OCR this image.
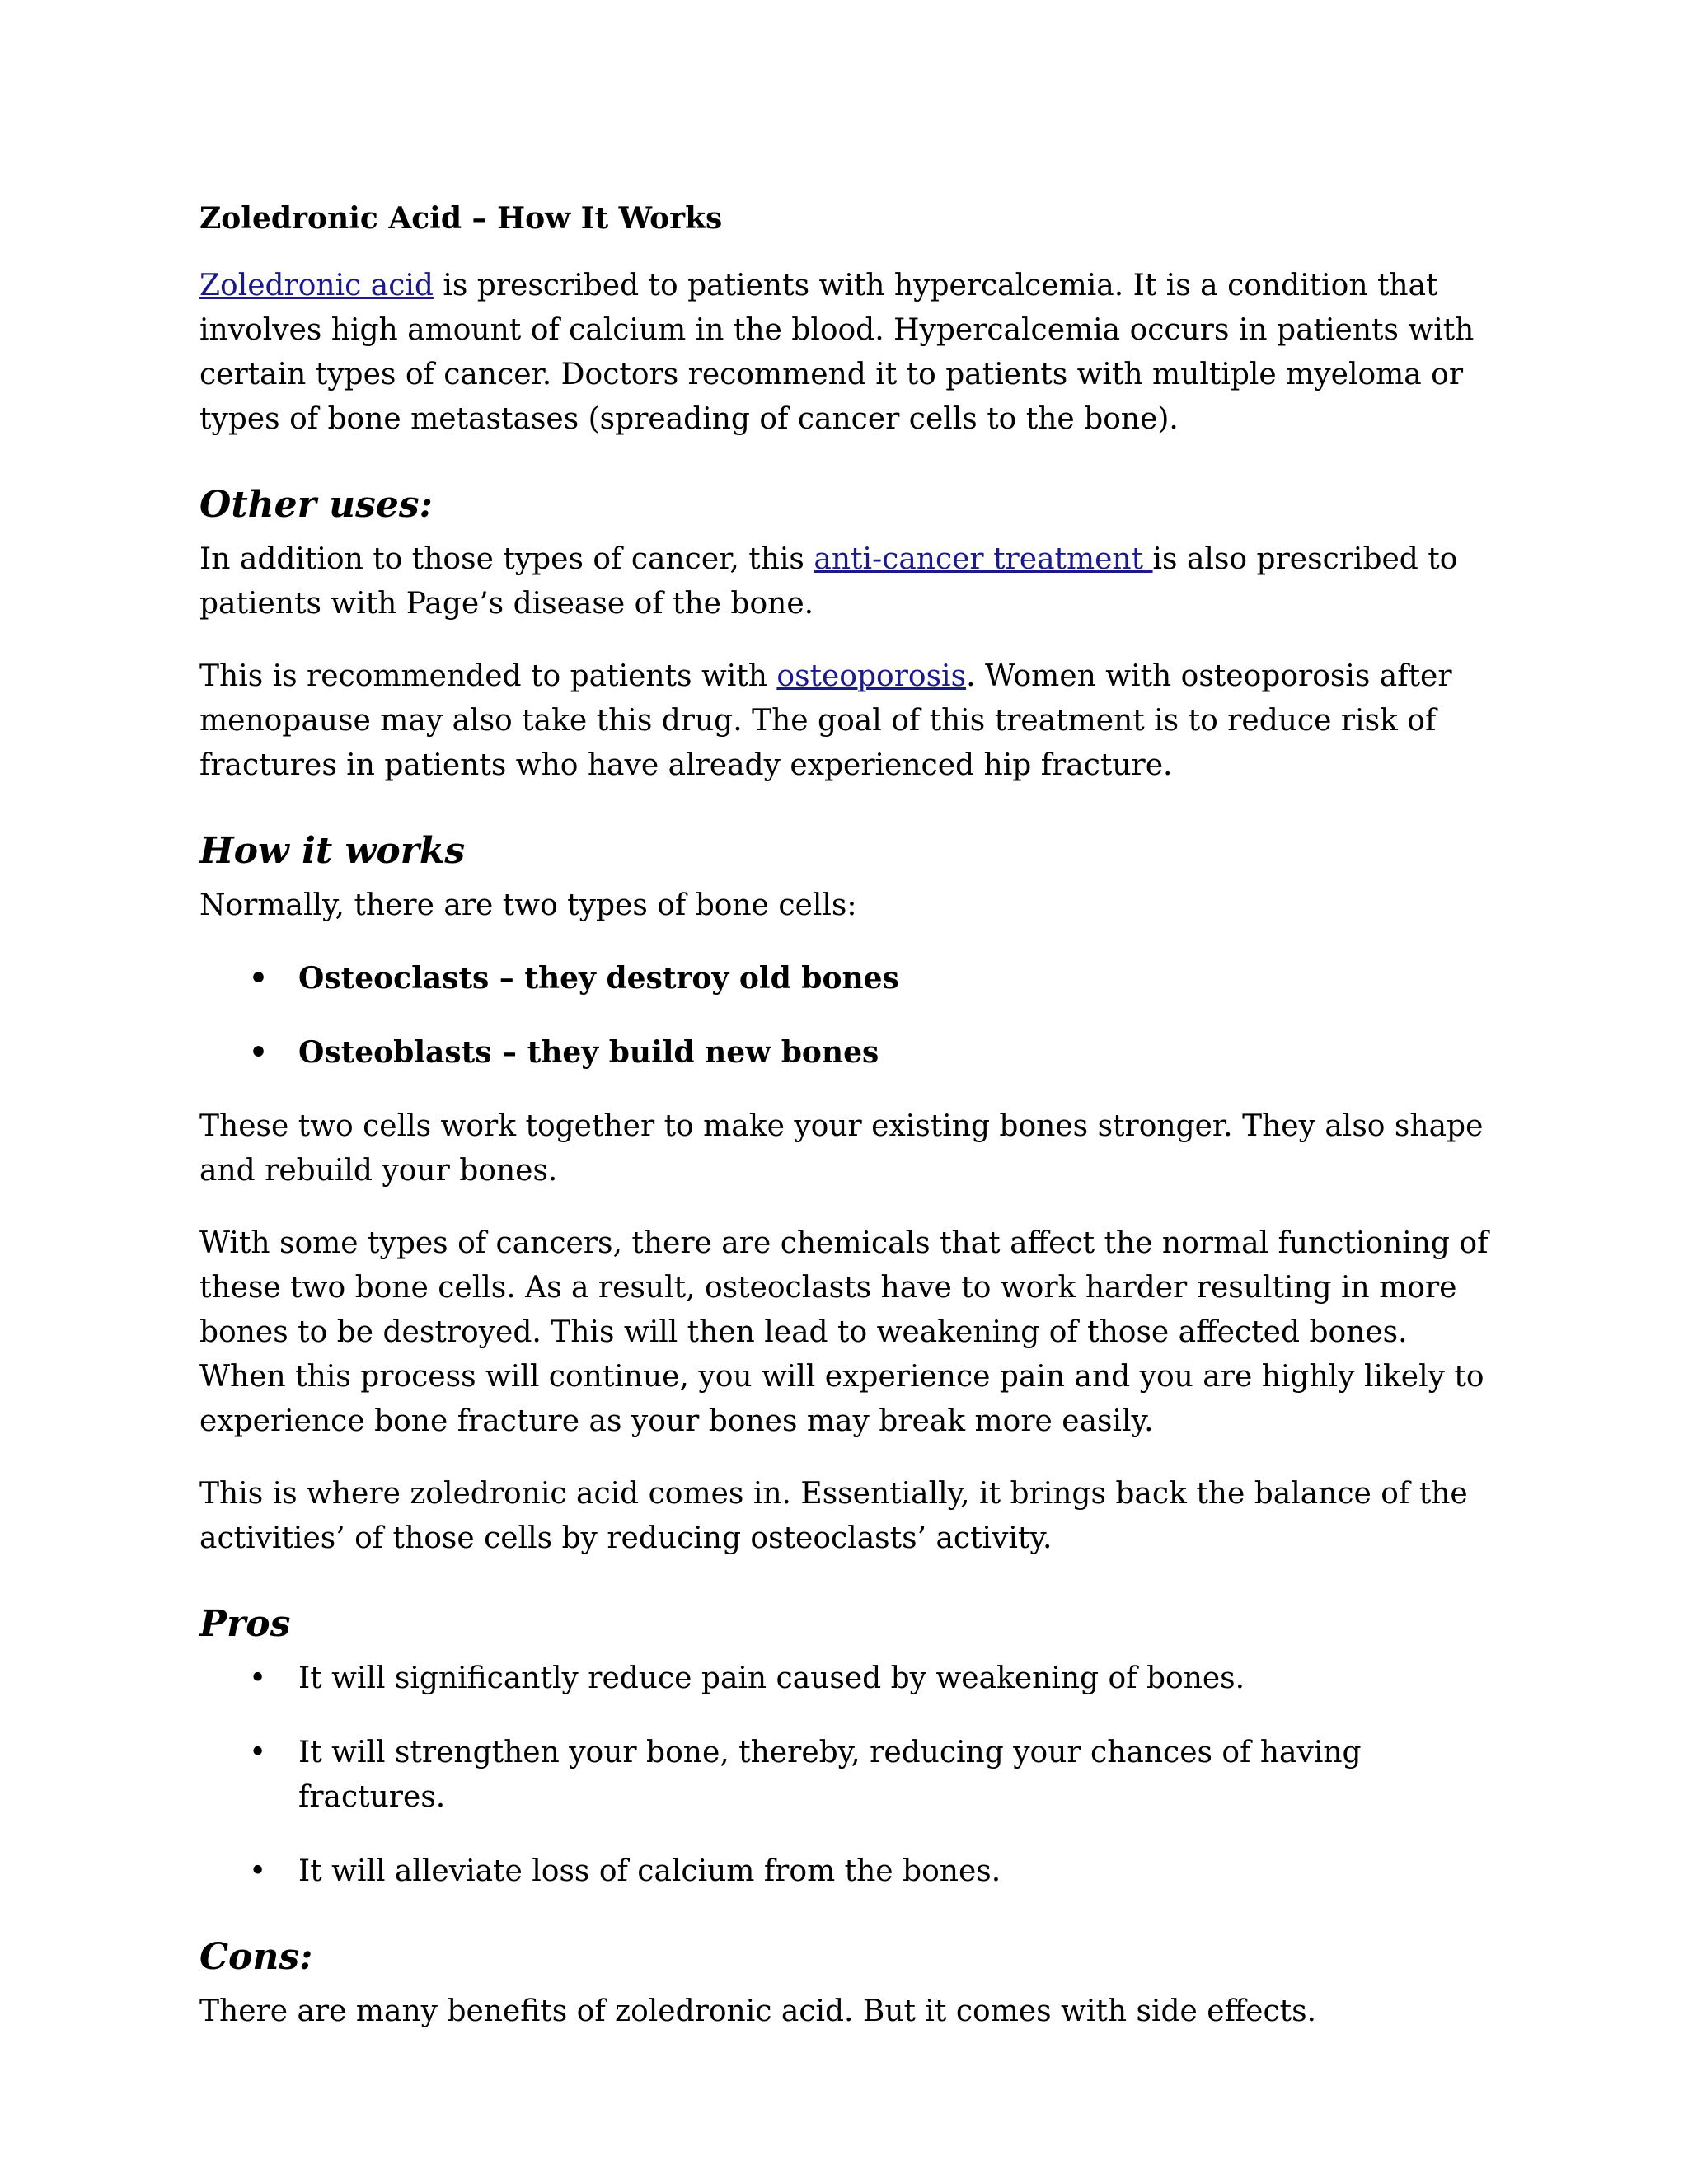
Zoledronic Acid – How It Works

Zoledronic acid is prescribed to patients with hypercalcemia. It is a condition that involves high amount of calcium in the blood. Hypercalcemia occurs in patients with certain types of cancer. Doctors recommend it to patients with multiple myeloma or types of bone metastases (spreading of cancer cells to the bone).

Other uses:

In addition to those types of cancer, this anti-cancer treatment is also prescribed to patients with Page’s disease of the bone.

This is recommended to patients with osteoporosis. Women with osteoporosis after menopause may also take this drug. The goal of this treatment is to reduce risk of fractures in patients who have already experienced hip fracture.

How it works

Normally, there are two types of bone cells:

• Osteoclasts – they destroy old bones
• Osteoblasts – they build new bones

These two cells work together to make your existing bones stronger. They also shape and rebuild your bones.

With some types of cancers, there are chemicals that affect the normal functioning of these two bone cells. As a result, osteoclasts have to work harder resulting in more bones to be destroyed. This will then lead to weakening of those affected bones. When this process will continue, you will experience pain and you are highly likely to experience bone fracture as your bones may break more easily.

This is where zoledronic acid comes in. Essentially, it brings back the balance of the activities’ of those cells by reducing osteoclasts’ activity.

Pros
• It will significantly reduce pain caused by weakening of bones.
• It will strengthen your bone, thereby, reducing your chances of having fractures.
• It will alleviate loss of calcium from the bones.
Cons:

There are many benefits of zoledronic acid. But it comes with side effects.
